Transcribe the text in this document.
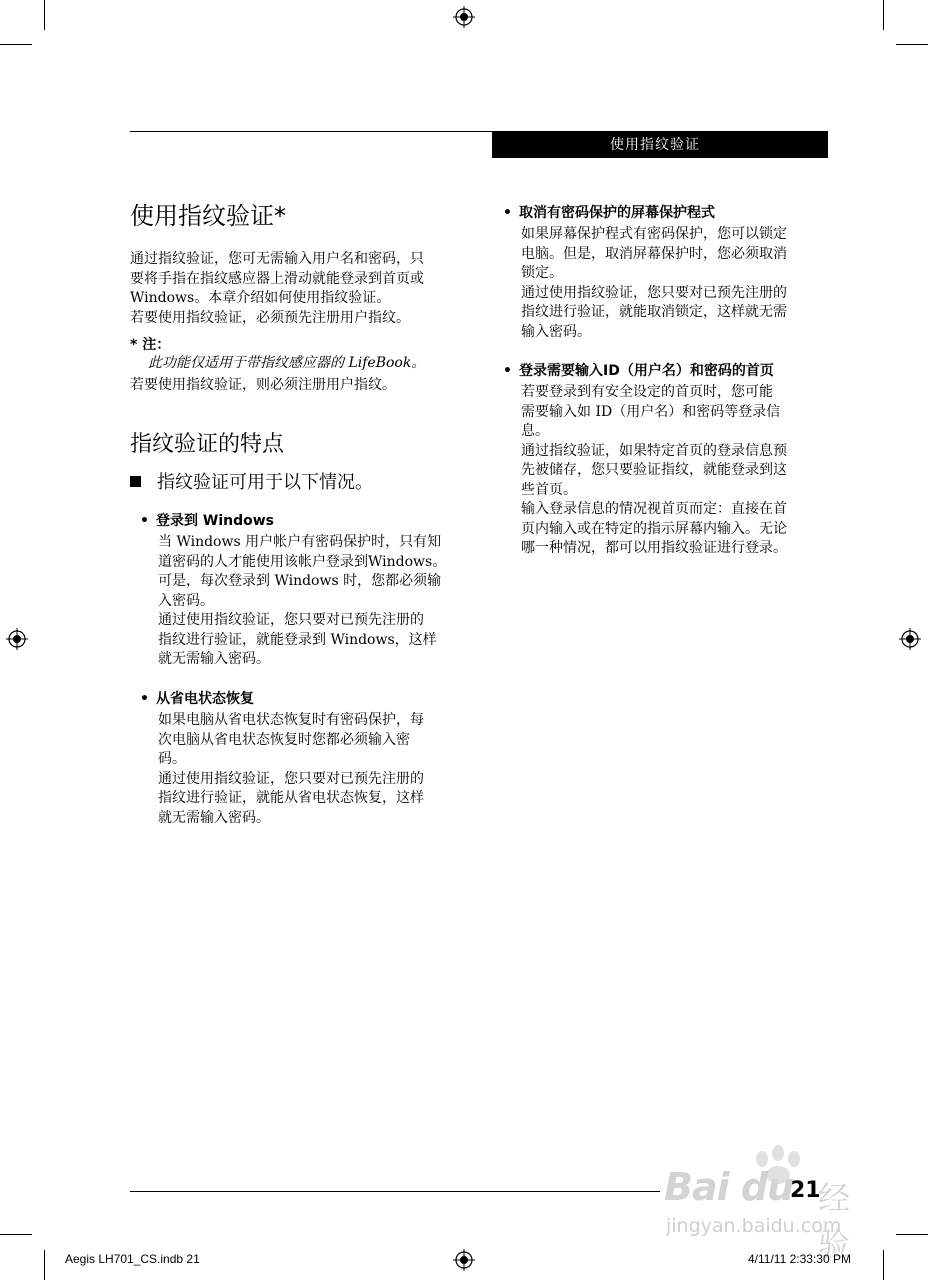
使用指纹验证
使用指纹验证*
通过指纹验证，您可无需输入用户名和密码，只
要将手指在指纹感应器上滑动就能登录到首页或
Windows。本章介绍如何使用指纹验证。
若要使用指纹验证，必须预先注册用户指纹。
* 注：
此功能仅适用于带指纹感应器的 LifeBook。
若要使用指纹验证，则必须注册用户指纹。
指纹验证的特点
指纹验证可用于以下情况。
• 登录到 Windows
当 Windows 用户帐户有密码保护时，只有知
道密码的人才能使用该帐户登录到Windows。
可是，每次登录到 Windows 时，您都必须输
入密码。
通过使用指纹验证，您只要对已预先注册的
指纹进行验证，就能登录到 Windows，这样
就无需输入密码。
• 从省电状态恢复
如果电脑从省电状态恢复时有密码保护，每
次电脑从省电状态恢复时您都必须输入密
码。
通过使用指纹验证，您只要对已预先注册的
指纹进行验证，就能从省电状态恢复，这样
就无需输入密码。
• 取消有密码保护的屏幕保护程式
如果屏幕保护程式有密码保护，您可以锁定
电脑。但是，取消屏幕保护时，您必须取消
锁定。
通过使用指纹验证，您只要对已预先注册的
指纹进行验证，就能取消锁定，这样就无需
输入密码。
• 登录需要输入ID（用户名）和密码的首页
若要登录到有安全设定的首页时，您可能
需要输入如 ID（用户名）和密码等登录信
息。
通过指纹验证，如果特定首页的登录信息预
先被储存，您只要验证指纹，就能登录到这
些首页。
输入登录信息的情况视首页而定：直接在首
页内输入或在特定的指示屏幕内输入。无论
哪一种情况，都可以用指纹验证进行登录。
21
Bai du 经验
jingyan.baidu.com
Aegis LH701_CS.indb 21	4/11/11 2:33:30 PM
